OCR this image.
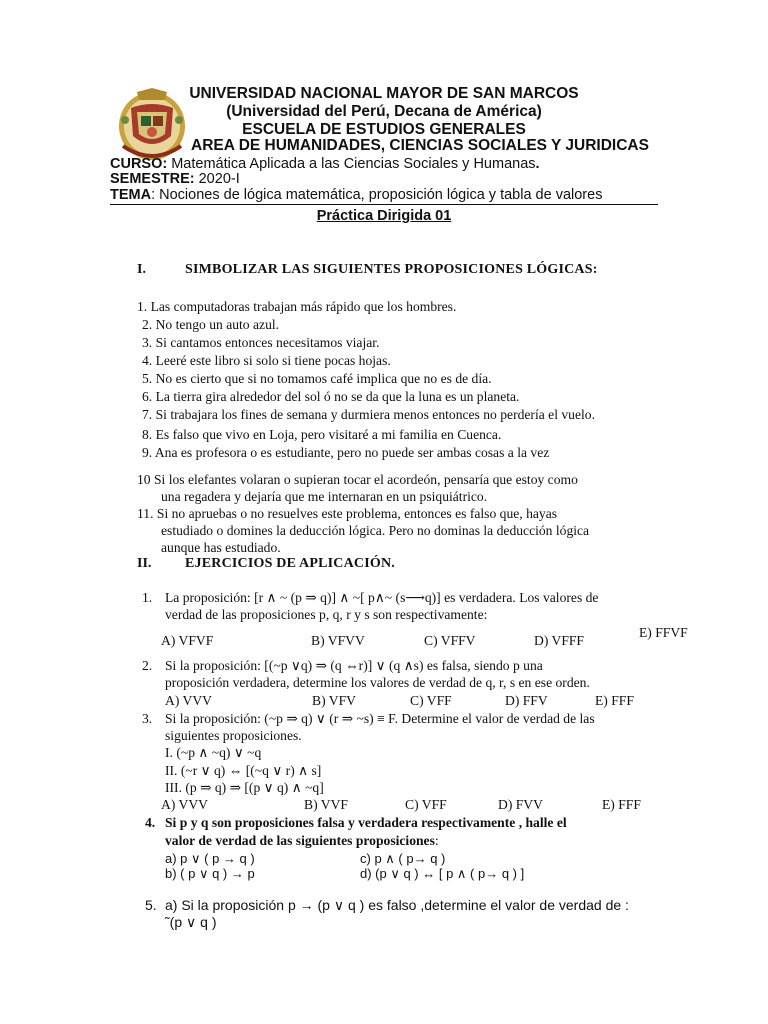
UNIVERSIDAD NACIONAL MAYOR DE SAN MARCOS
(Universidad del Perú, Decana de América)
ESCUELA DE ESTUDIOS GENERALES
AREA DE HUMANIDADES, CIENCIAS SOCIALES Y JURIDICAS
CURSO: Matemática Aplicada a las Ciencias Sociales y Humanas.
SEMESTRE: 2020-I
TEMA: Nociones de lógica matemática, proposición lógica y tabla de valores
Práctica Dirigida 01
I.	SIMBOLIZAR LAS SIGUIENTES PROPOSICIONES LÓGICAS:
1. Las computadoras trabajan más rápido que los hombres.
2. No tengo un auto azul.
3. Si cantamos entonces necesitamos viajar.
4. Leeré este libro si solo si tiene pocas hojas.
5. No es cierto que si no tomamos café implica que no es de día.
6. La tierra gira alrededor del sol ó no se da que la luna es un planeta.
7. Si trabajara los fines de semana y durmiera menos entonces no perdería el vuelo.
8. Es falso que vivo en Loja, pero visitaré a mi familia en Cuenca.
9. Ana es profesora o es estudiante, pero no puede ser ambas cosas a la vez
10 Si los elefantes volaran o supieran tocar el acordeón, pensaría que estoy como
una regadera y dejaría que me internaran en un psiquiátrico.
11. Si no apruebas o no resuelves este problema, entonces es falso que, hayas
estudiado o domines la deducción lógica. Pero no dominas la deducción lógica
aunque has estudiado.
II. EJERCICIOS DE APLICACIÓN.
1. La proposición: [r ∧ ~ (p ⇒ q)] ∧ ~[ p∧~ (s⟶q)] es verdadera. Los valores de
verdad de las proposiciones p, q, r y s son respectivamente:
A) VFVF	B) VFVV	C) VFFV	D) VFFF
E) FFVF
2. Si la proposición: [(~p ∨q) ⇒ (q ⇔r)] ∨ (q ∧s) es falsa, siendo p una
proposición verdadera, determine los valores de verdad de q, r, s en ese orden.
A) VVV	B) VFV	C) VFF	D) FFV	E) FFF
3. Si la proposición: (~p ⇒ q) ∨ (r ⇒ ~s) ≡ F. Determine el valor de verdad de las
siguientes proposiciones.
I. (~p ∧ ~q) ∨ ~q
II. (~r ∨ q) ⇔ [(~q ∨ r) ∧ s]
III. (p ⇒ q) ⇒ [(p ∨ q) ∧ ~q]
A) VVV	B) VVF	C) VFF	D) FVV	E) FFF
4. Si p y q son proposiciones falsa y verdadera respectivamente , halle el
valor de verdad de las siguientes proposiciones:
a) p ∨ ( p → q )	c) p ∧ ( p→ q )
b) ( p ∨ q ) → p	d) (p ∨ q ) ↔ [ p ∧ ( p→ q ) ]
5. a) Si la proposición p → (p ∨ q ) es falso ,determine el valor de verdad de :
˜(p ∨ q )
